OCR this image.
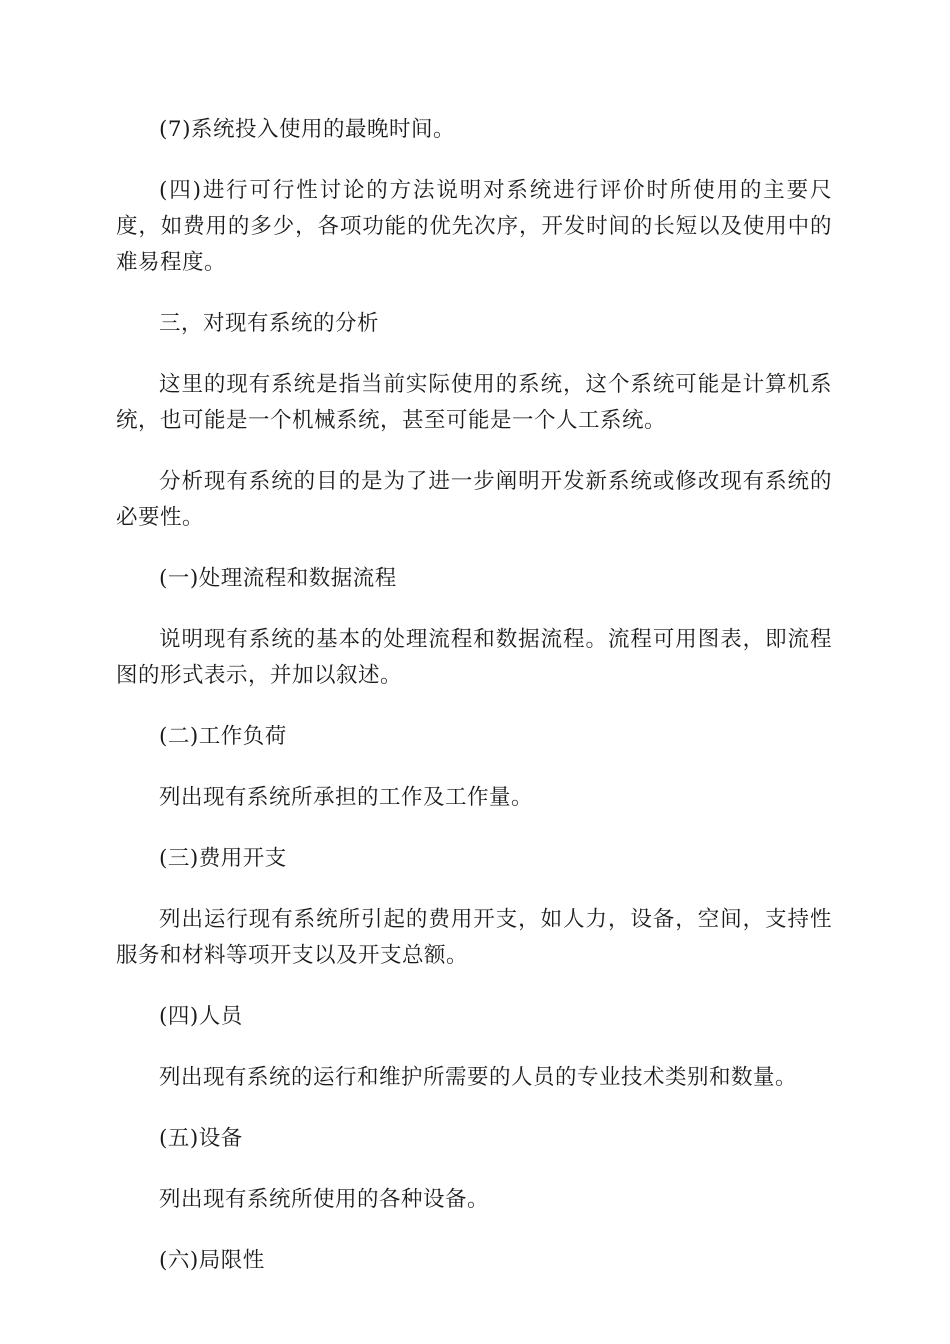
(7)系统投入使用的最晚时间。

(四)进行可行性讨论的方法说明对系统进行评价时所使用的主要尺度，如费用的多少，各项功能的优先次序，开发时间的长短以及使用中的难易程度。

三，对现有系统的分析

这里的现有系统是指当前实际使用的系统，这个系统可能是计算机系统，也可能是一个机械系统，甚至可能是一个人工系统。

分析现有系统的目的是为了进一步阐明开发新系统或修改现有系统的必要性。

(一)处理流程和数据流程

说明现有系统的基本的处理流程和数据流程。流程可用图表，即流程图的形式表示，并加以叙述。

(二)工作负荷

列出现有系统所承担的工作及工作量。

(三)费用开支

列出运行现有系统所引起的费用开支，如人力，设备，空间，支持性服务和材料等项开支以及开支总额。

(四)人员

列出现有系统的运行和维护所需要的人员的专业技术类别和数量。

(五)设备

列出现有系统所使用的各种设备。

(六)局限性
